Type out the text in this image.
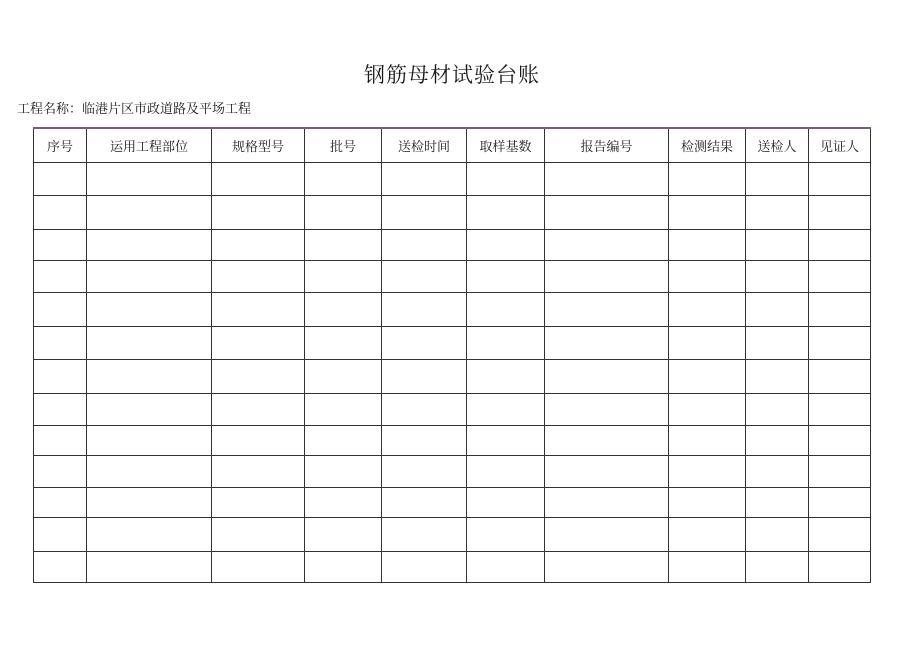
钢筋母材试验台账
工程名称：临港片区市政道路及平场工程
序号	运用工程部位	规格型号	批号	送检时间	取样基数	报告编号	检测结果	送检人	见证人
